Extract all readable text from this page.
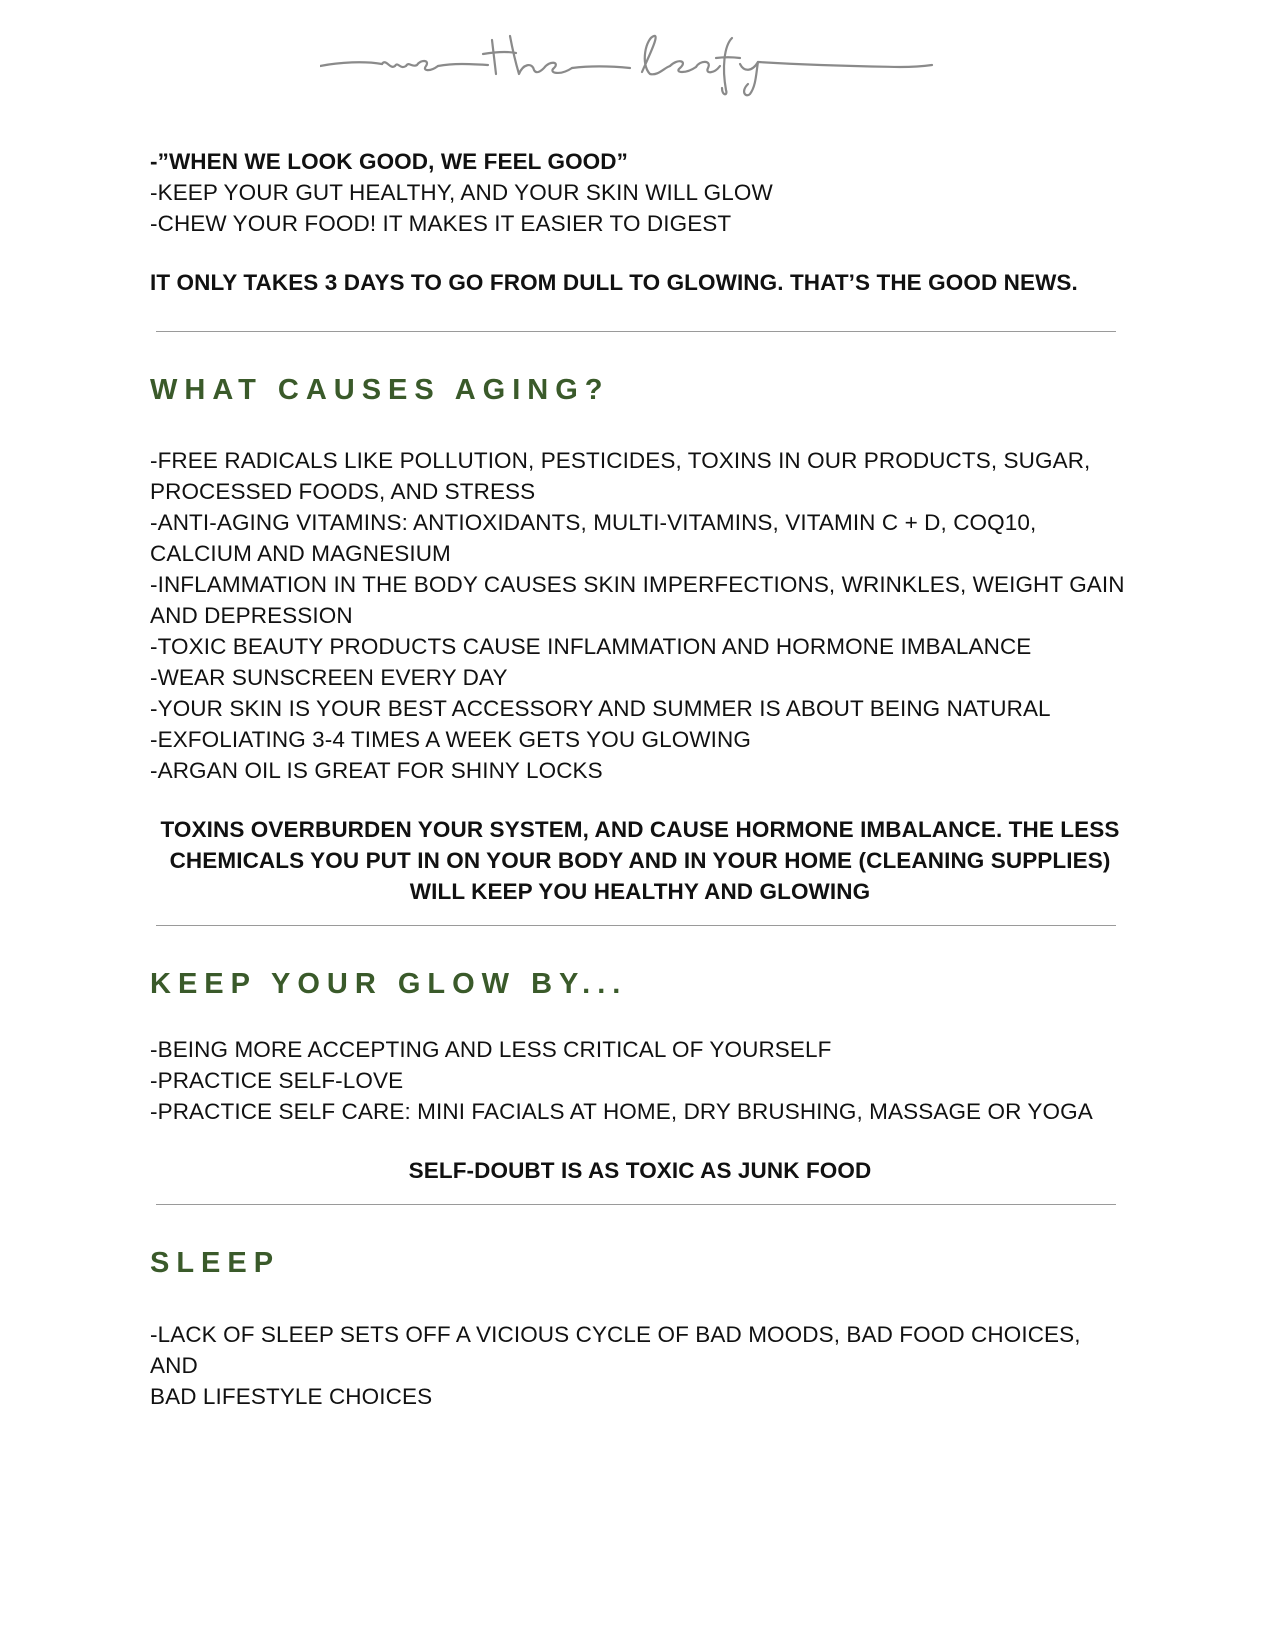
-”WHEN WE LOOK GOOD, WE FEEL GOOD”

-KEEP YOUR GUT HEALTHY, AND YOUR SKIN WILL GLOW

-CHEW YOUR FOOD! IT MAKES IT EASIER TO DIGEST

IT ONLY TAKES 3 DAYS TO GO FROM DULL TO GLOWING. THAT’S THE GOOD NEWS.

WHAT CAUSES AGING?

-FREE RADICALS LIKE POLLUTION, PESTICIDES, TOXINS IN OUR PRODUCTS, SUGAR,

PROCESSED FOODS, AND STRESS

-ANTI-AGING VITAMINS: ANTIOXIDANTS, MULTI-VITAMINS, VITAMIN C + D, COQ10,

CALCIUM AND MAGNESIUM

-INFLAMMATION IN THE BODY CAUSES SKIN IMPERFECTIONS, WRINKLES, WEIGHT GAIN

AND DEPRESSION

-TOXIC BEAUTY PRODUCTS CAUSE INFLAMMATION AND HORMONE IMBALANCE

-WEAR SUNSCREEN EVERY DAY

-YOUR SKIN IS YOUR BEST ACCESSORY AND SUMMER IS ABOUT BEING NATURAL

-EXFOLIATING 3-4 TIMES A WEEK GETS YOU GLOWING

-ARGAN OIL IS GREAT FOR SHINY LOCKS

TOXINS OVERBURDEN YOUR SYSTEM, AND CAUSE HORMONE IMBALANCE. THE LESS

CHEMICALS YOU PUT IN ON YOUR BODY AND IN YOUR HOME (CLEANING SUPPLIES)

WILL KEEP YOU HEALTHY AND GLOWING

KEEP YOUR GLOW BY...

-BEING MORE ACCEPTING AND LESS CRITICAL OF YOURSELF

-PRACTICE SELF-LOVE

-PRACTICE SELF CARE: MINI FACIALS AT HOME, DRY BRUSHING, MASSAGE OR YOGA

SELF-DOUBT IS AS TOXIC AS JUNK FOOD

SLEEP

-LACK OF SLEEP SETS OFF A VICIOUS CYCLE OF BAD MOODS, BAD FOOD CHOICES, AND

BAD LIFESTYLE CHOICES
